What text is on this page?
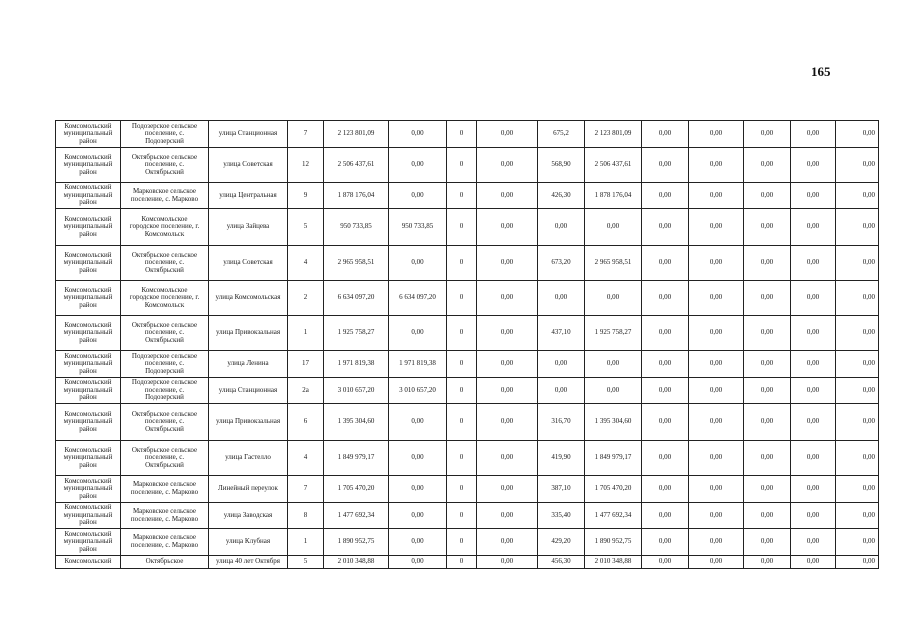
165
Комсомольский муниципальный район	Подозерское сельское поселение, с. Подозерский	улица Станционная	7	2 123 801,09	0,00	0	0,00	675,2	2 123 801,09	0,00	0,00	0,00	0,00	0,00
Комсомольский муниципальный район	Октябрьское сельское поселение, с. Октябрьский	улица Советская	12	2 506 437,61	0,00	0	0,00	568,90	2 506 437,61	0,00	0,00	0,00	0,00	0,00
Комсомольский муниципальный район	Марковское сельское поселение, с. Марково	улица Центральная	9	1 878 176,04	0,00	0	0,00	426,30	1 878 176,04	0,00	0,00	0,00	0,00	0,00
Комсомольский муниципальный район	Комсомольское городское поселение, г. Комсомольск	улица Зайцева	5	950 733,85	950 733,85	0	0,00	0,00	0,00	0,00	0,00	0,00	0,00	0,00
Комсомольский муниципальный район	Октябрьское сельское поселение, с. Октябрьский	улица Советская	4	2 965 958,51	0,00	0	0,00	673,20	2 965 958,51	0,00	0,00	0,00	0,00	0,00
Комсомольский муниципальный район	Комсомольское городское поселение, г. Комсомольск	улица Комсомольская	2	6 634 097,20	6 634 097,20	0	0,00	0,00	0,00	0,00	0,00	0,00	0,00	0,00
Комсомольский муниципальный район	Октябрьское сельское поселение, с. Октябрьский	улица Привокзальная	1	1 925 758,27	0,00	0	0,00	437,10	1 925 758,27	0,00	0,00	0,00	0,00	0,00
Комсомольский муниципальный район	Подозерское сельское поселение, с. Подозерский	улица Ленина	17	1 971 819,38	1 971 819,38	0	0,00	0,00	0,00	0,00	0,00	0,00	0,00	0,00
Комсомольский муниципальный район	Подозерское сельское поселение, с. Подозерский	улица Станционная	2а	3 010 657,20	3 010 657,20	0	0,00	0,00	0,00	0,00	0,00	0,00	0,00	0,00
Комсомольский муниципальный район	Октябрьское сельское поселение, с. Октябрьский	улица Привокзальная	6	1 395 304,60	0,00	0	0,00	316,70	1 395 304,60	0,00	0,00	0,00	0,00	0,00
Комсомольский муниципальный район	Октябрьское сельское поселение, с. Октябрьский	улица Гастелло	4	1 849 979,17	0,00	0	0,00	419,90	1 849 979,17	0,00	0,00	0,00	0,00	0,00
Комсомольский муниципальный район	Марковское сельское поселение, с. Марково	Линейный переулок	7	1 705 470,20	0,00	0	0,00	387,10	1 705 470,20	0,00	0,00	0,00	0,00	0,00
Комсомольский муниципальный район	Марковское сельское поселение, с. Марково	улица Заводская	8	1 477 692,34	0,00	0	0,00	335,40	1 477 692,34	0,00	0,00	0,00	0,00	0,00
Комсомольский муниципальный район	Марковское сельское поселение, с. Марково	улица Клубная	1	1 890 952,75	0,00	0	0,00	429,20	1 890 952,75	0,00	0,00	0,00	0,00	0,00
Комсомольский	Октябрьское	улица 40 лет Октября	5	2 010 348,88	0,00	0	0,00	456,30	2 010 348,88	0,00	0,00	0,00	0,00	0,00
